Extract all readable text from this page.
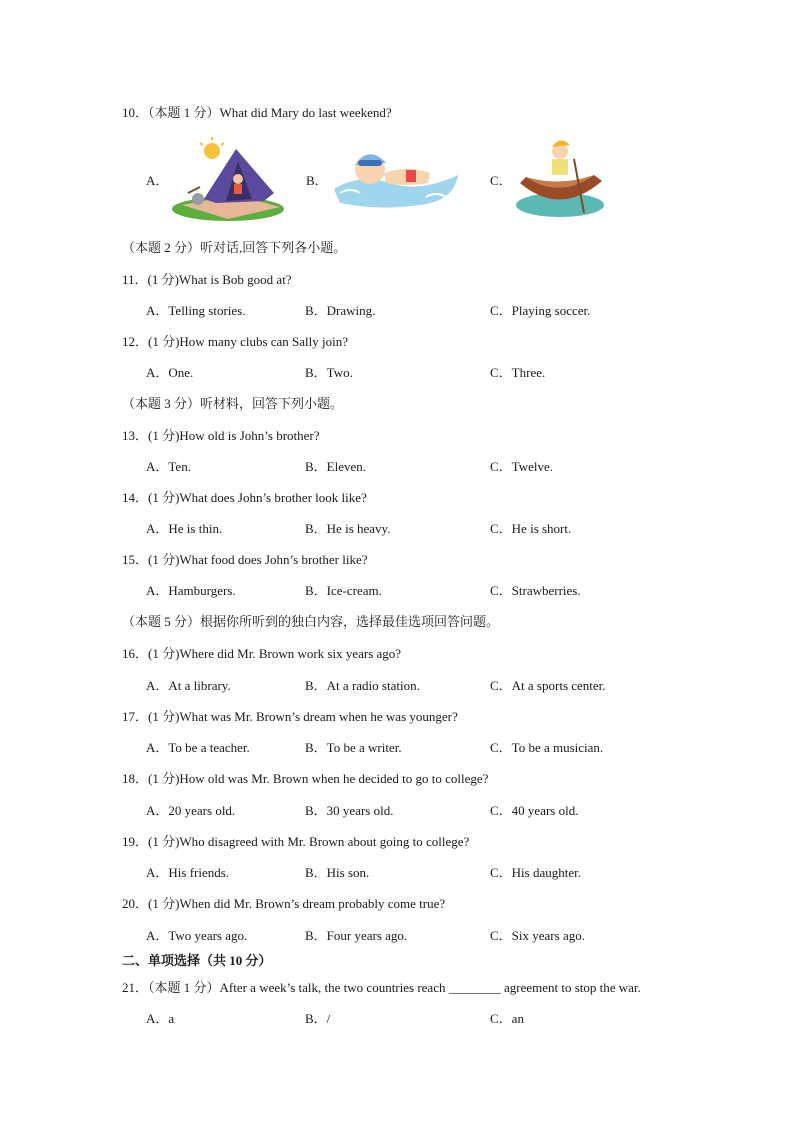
10．（本题 1 分）What did Mary do last weekend?
A．	B．	C．
（本题 2 分）听对话,回答下列各小题。
11．(1 分)What is Bob good at?
A．Telling stories.	B．Drawing.	C．Playing soccer.
12．(1 分)How many clubs can Sally join?
A．One.	B．Two.	C．Three.
（本题 3 分）听材料，回答下列小题。
13．(1 分)How old is John’s brother?
A．Ten.	B．Eleven.	C．Twelve.
14．(1 分)What does John’s brother look like?
A．He is thin.	B．He is heavy.	C．He is short.
15．(1 分)What food does John’s brother like?
A．Hamburgers.	B．Ice-cream.	C．Strawberries.
（本题 5 分）根据你所听到的独白内容，选择最佳选项回答问题。
16．(1 分)Where did Mr. Brown work six years ago?
A．At a library.	B．At a radio station.	C．At a sports center.
17．(1 分)What was Mr. Brown’s dream when he was younger?
A．To be a teacher.	B．To be a writer.	C．To be a musician.
18．(1 分)How old was Mr. Brown when he decided to go to college?
A．20 years old.	B．30 years old.	C．40 years old.
19．(1 分)Who disagreed with Mr. Brown about going to college?
A．His friends.	B．His son.	C．His daughter.
20．(1 分)When did Mr. Brown’s dream probably come true?
A．Two years ago.	B．Four years ago.	C．Six years ago.
二、单项选择（共 10 分）
21．（本题 1 分）After a week’s talk, the two countries reach ________ agreement to stop the war.
A．a	B．/	C．an
